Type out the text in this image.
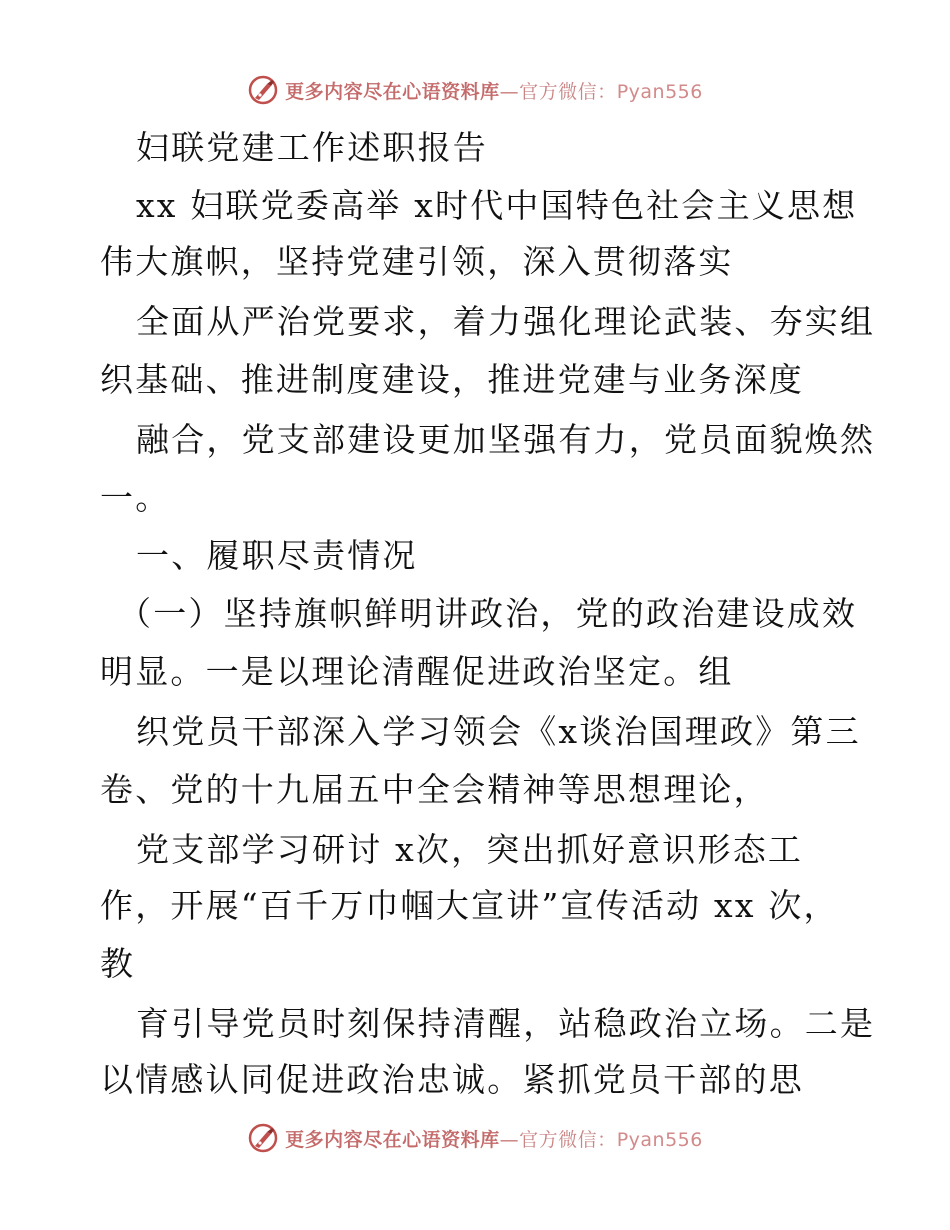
更多内容尽在心语资料库—官方微信：Pyan556
妇联党建工作述职报告
xx 妇联党委高举 x时代中国特色社会主义思想
伟大旗帜，坚持党建引领，深入贯彻落实
全面从严治党要求，着力强化理论武装、夯实组
织基础、推进制度建设，推进党建与业务深度
融合，党支部建设更加坚强有力，党员面貌焕然
一。
一、履职尽责情况
（一）坚持旗帜鲜明讲政治，党的政治建设成效
明显。一是以理论清醒促进政治坚定。组
织党员干部深入学习领会《x谈治国理政》第三
卷、党的十九届五中全会精神等思想理论，
党支部学习研讨 x次，突出抓好意识形态工
作，开展“百千万巾帼大宣讲”宣传活动 xx 次，
教
育引导党员时刻保持清醒，站稳政治立场。二是
以情感认同促进政治忠诚。紧抓党员干部的思
更多内容尽在心语资料库—官方微信：Pyan556
